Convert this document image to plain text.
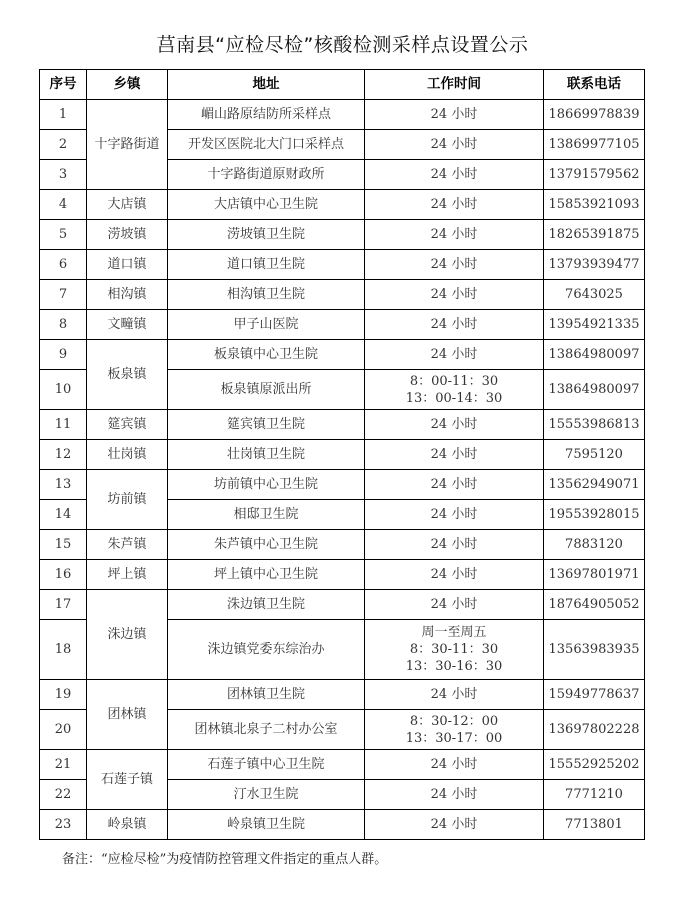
莒南县“应检尽检”核酸检测采样点设置公示
序号	乡镇	地址	工作时间	联系电话
1	十字路街道	嵋山路原结防所采样点	24 小时	18669978839
2		开发区医院北大门口采样点	24 小时	13869977105
3		十字路街道原财政所	24 小时	13791579562
4	大店镇	大店镇中心卫生院	24 小时	15853921093
5	涝坡镇	涝坡镇卫生院	24 小时	18265391875
6	道口镇	道口镇卫生院	24 小时	13793939477
7	相沟镇	相沟镇卫生院	24 小时	7643025
8	文疃镇	甲子山医院	24 小时	13954921335
9	板泉镇	板泉镇中心卫生院	24 小时	13864980097
10		板泉镇原派出所	8：00-11：30
13：00-14：30	13864980097
11	筵宾镇	筵宾镇卫生院	24 小时	15553986813
12	壮岗镇	壮岗镇卫生院	24 小时	7595120
13	坊前镇	坊前镇中心卫生院	24 小时	13562949071
14		相邸卫生院	24 小时	19553928015
15	朱芦镇	朱芦镇中心卫生院	24 小时	7883120
16	坪上镇	坪上镇中心卫生院	24 小时	13697801971
17	洙边镇	洙边镇卫生院	24 小时	18764905052
18		洙边镇党委东综治办	周一至周五
8：30-11：30
13：30-16：30	13563983935
19	团林镇	团林镇卫生院	24 小时	15949778637
20		团林镇北泉子二村办公室	8：30-12：00
13：30-17：00	13697802228
21	石莲子镇	石莲子镇中心卫生院	24 小时	15552925202
22		汀水卫生院	24 小时	7771210
23	岭泉镇	岭泉镇卫生院	24 小时	7713801
备注：“应检尽检”为疫情防控管理文件指定的重点人群。
